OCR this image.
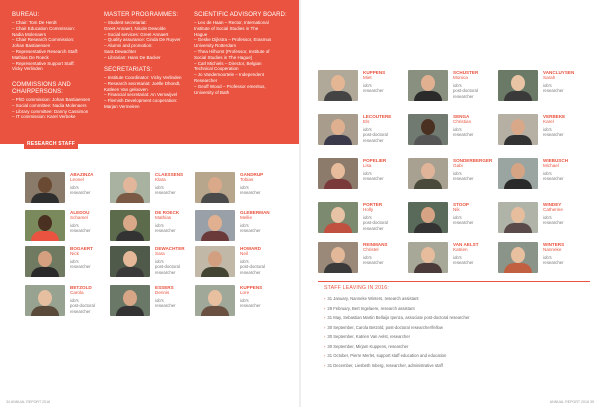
BUREAU:
– Chair: Tom De Herdt
– Chair Education Commission:
Nadia Molenaers
– Chair Research Commission:
Johan Bastiaensen
– Representative Research Staff:
Mathias De Roeck
– Representative Support Staff:
Vicky Verlinden
COMMISSIONS AND CHAIRPERSONS:
– PhD commission: Johan Bastiaensen
– Social committee: Nadia Molenaers
– Library committee: Danny Cassimon
– IT commission: Karel Verbeke
MASTER PROGRAMMES:
– Student secretariat:
Greet Annaert, Nicole Dewolde
– Social services: Greet Annaert
– Quality assurance: Cinda De Ruyver
– Alumni and promotion:
Sara Dewachter
– Librarian: Hans De Backer
SECRETARIATS:
– Institute Coordinator: Vicky Verlinden
– Research secretariat: Joëlle Dhondt,
Katleen Van gelooven
– Financial secretariat: An Verswijvel
– Flemish Development cooperation:
Marjan Vermeiren
SCIENTIFIC ADVISORY BOARD:
– Leo de Haan – Rector, International
Institute of Social Studies in The
Hague
– Geske Dijkstra – Professor, Erasmus
University Rotterdam
– Thea Hilhorst (Professor, Institute of
Social Studies in The Hague)
– Carl Michiels – Director, Belgian
Technical Cooperation
– Jo Vandemoortele – Independent
Researcher
– Geoff Wood – Professor emeritus,
University of Bath
RESEARCH STAFF
ABAZINZA
Leonel
iob's
researcher
CLAESSENS
Klara
iob's
researcher
GANDRUP
Tobias
iob's
researcher
ALEDOU
Schamel
iob's
researcher
DE ROECK
Mathias
iob's
researcher
GLEBERMAN
Mellie
iob's
researcher
BOGAERT
Nick
iob's
researcher
DEWACHTER
Sara
iob's
post-doctoral
researcher
HOWARD
Neil
iob's
post-doctoral
researcher
BETZOLD
Carola
iob's
post-doctoral
researcher
ESSERS
Dennis
iob's
researcher
KUPPENS
Lore
iob's
researcher
KUPPENS
Miet
iob's
researcher
SCHUSTER
Monica
iob's
post-doctoral
researcher
VANCLUYSEN
Sarah
iob's
researcher
LECOUTERE
Els
iob's
post-doctoral
researcher
SENGA
Christian
iob's
researcher
VERBEKE
Karel
iob's
researcher
POPELIER
Lisa
iob's
researcher
SONDERBERGER
Gabi
iob's
researcher
WIEBUSCH
Michael
iob's
researcher
PORTER
Holly
iob's
post-doctoral
researcher
STOOP
Nik
iob's
researcher
WINDEY
Catherine
iob's
researcher
REINMANS
Christel
iob's
researcher
VAN AELST
Katrien
iob's
researcher
WINTERS
Nanneke
iob's
researcher
STAFF LEAVING IN 2016:
› 31 January, Nanneke Winters, research assistant
› 29 February, Bert Ingelaere, research assistant
› 31 May, Sebastian Martin Bellaijo Ipenza, associate post-doctoral researcher
› 30 September, Carola Betzold, post-doctoral researcher/fellow
› 30 September, Katrien Van Aelst, researcher
› 30 September, Mirjam Kuppens, researcher
› 31 October, Pierre Merlet, support staff education and education
› 31 December, Liesbeth Inberg, researcher, administrative staff
34 ANNUAL REPORT 2016	ANNUAL REPORT 2016 35
